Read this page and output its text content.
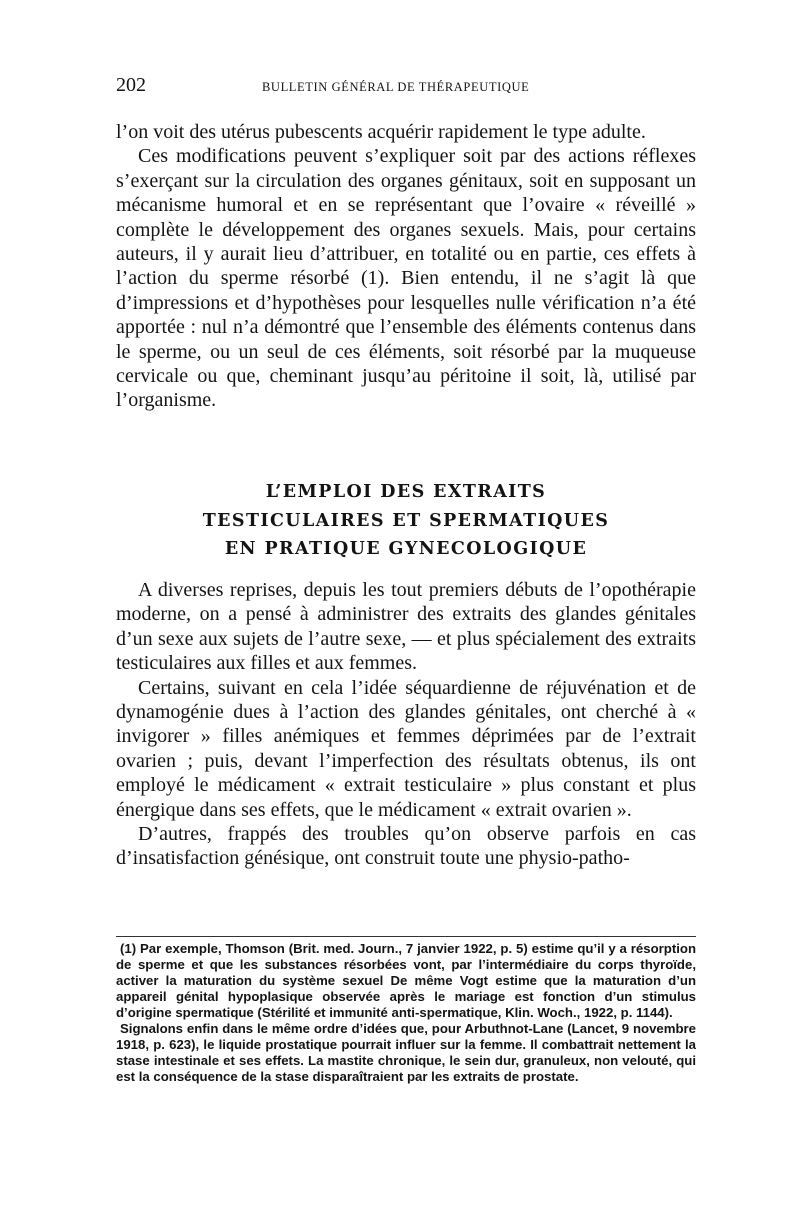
202	BULLETIN GÉNÉRAL DE THÉRAPEUTIQUE

l’on voit des utérus pubescents acquérir rapidement le type adulte.

Ces modifications peuvent s’expliquer soit par des actions réflexes s’exerçant sur la circulation des organes génitaux, soit en supposant un mécanisme humoral et en se représentant que l’ovaire « réveillé » complète le développement des organes sexuels. Mais, pour certains auteurs, il y aurait lieu d’attribuer, en totalité ou en partie, ces effets à l’action du sperme résorbé (1). Bien entendu, il ne s’agit là que d’impressions et d’hypothèses pour lesquelles nulle vérification n’a été apportée : nul n’a démontré que l’ensemble des éléments contenus dans le sperme, ou un seul de ces éléments, soit résorbé par la muqueuse cervicale ou que, cheminant jusqu’au péritoine il soit, là, utilisé par l’organisme.

L’EMPLOI DES EXTRAITS
TESTICULAIRES ET SPERMATIQUES
EN PRATIQUE GYNECOLOGIQUE

A diverses reprises, depuis les tout premiers débuts de l’opothérapie moderne, on a pensé à administrer des extraits des glandes génitales d’un sexe aux sujets de l’autre sexe, — et plus spécialement des extraits testiculaires aux filles et aux femmes.

Certains, suivant en cela l’idée séquardienne de réjuvénation et de dynamogénie dues à l’action des glandes génitales, ont cherché à « invigorer » filles anémiques et femmes déprimées par de l’extrait ovarien ; puis, devant l’imperfection des résultats obtenus, ils ont employé le médicament « extrait testiculaire » plus constant et plus énergique dans ses effets, que le médicament « extrait ovarien ».

D’autres, frappés des troubles qu’on observe parfois en cas d’insatisfaction génésique, ont construit toute une physio-patho-

(1) Par exemple, Thomson (Brit. med. Journ., 7 janvier 1922, p. 5) estime qu’il y a résorption de sperme et que les substances résorbées vont, par l’intermédiaire du corps thyroïde, activer la maturation du système sexuel De même Vogt estime que la maturation d’un appareil génital hypoplasique observée après le mariage est fonction d’un stimulus d’origine spermatique (Stérilité et immunité anti-spermatique, Klin. Woch., 1922, p. 1144).

Signalons enfin dans le même ordre d’idées que, pour Arbuthnot-Lane (Lancet, 9 novembre 1918, p. 623), le liquide prostatique pourrait influer sur la femme. Il combattrait nettement la stase intestinale et ses effets. La mastite chronique, le sein dur, granuleux, non velouté, qui est la conséquence de la stase disparaîtraient par les extraits de prostate.
